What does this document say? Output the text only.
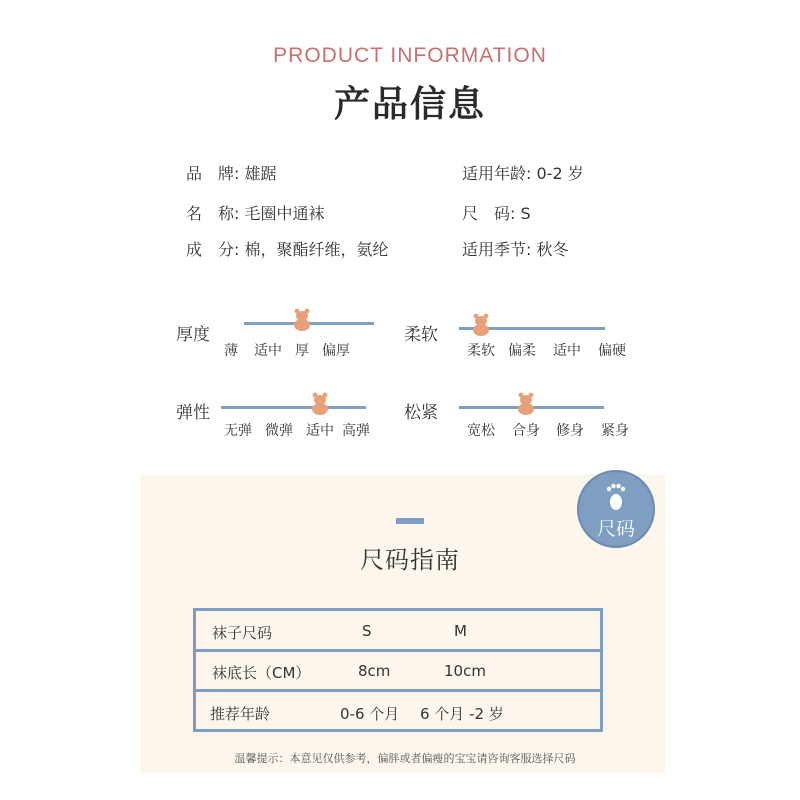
PRODUCT INFORMATION
产品信息
品　牌: 雄踞	适用年龄: 0-2 岁
名　称: 毛圈中通袜	尺　码: S
成　分: 棉，聚酯纤维，氨纶	适用季节: 秋冬
厚度
薄 适中 厚 偏厚
柔软
柔软 偏柔 适中 偏硬
弹性
无弹 微弹 适中 高弹
松紧
宽松 合身 修身 紧身
尺码
尺码指南
袜子尺码	S	M
袜底长（CM）	8cm	10cm
推荐年龄	0-6 个月 6 个月 -2 岁
温馨提示：本意见仅供参考，偏胖或者偏瘦的宝宝请咨询客服选择尺码
